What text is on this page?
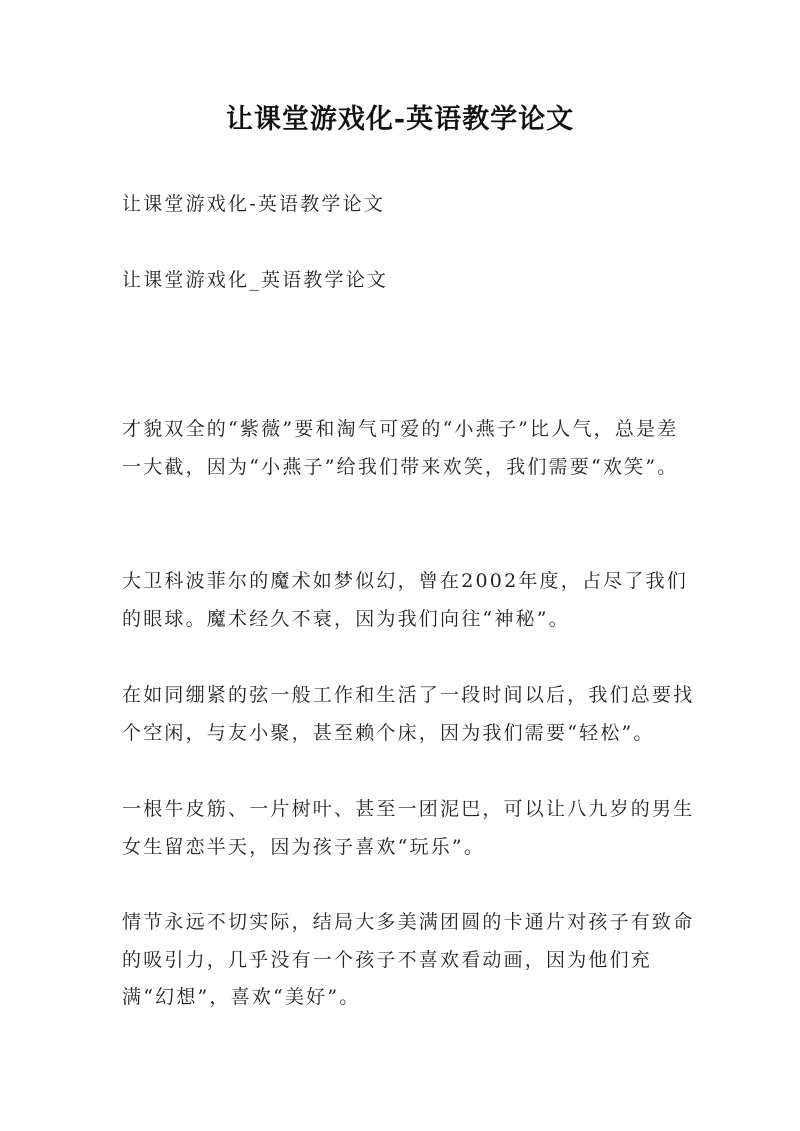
让课堂游戏化-英语教学论文

让课堂游戏化-英语教学论文

让课堂游戏化_英语教学论文

才貌双全的“紫薇”要和淘气可爱的“小燕子”比人气，总是差一大截，因为“小燕子”给我们带来欢笑，我们需要“欢笑”。

大卫科波菲尔的魔术如梦似幻，曾在2002年度，占尽了我们的眼球。魔术经久不衰，因为我们向往“神秘”。

在如同绷紧的弦一般工作和生活了一段时间以后，我们总要找个空闲，与友小聚，甚至赖个床，因为我们需要“轻松”。

一根牛皮筋、一片树叶、甚至一团泥巴，可以让八九岁的男生女生留恋半天，因为孩子喜欢“玩乐”。

情节永远不切实际，结局大多美满团圆的卡通片对孩子有致命的吸引力，几乎没有一个孩子不喜欢看动画，因为他们充满“幻想”，喜欢“美好”。
